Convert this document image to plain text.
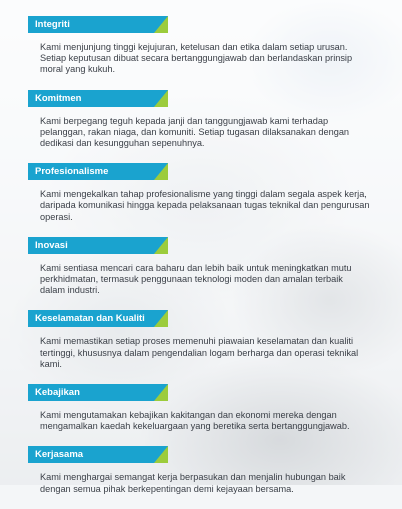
Integriti
Kami menjunjung tinggi kejujuran, ketelusan dan etika dalam setiap urusan. Setiap keputusan dibuat secara bertanggungjawab dan berlandaskan prinsip moral yang kukuh.
Komitmen
Kami berpegang teguh kepada janji dan tanggungjawab kami terhadap pelanggan, rakan niaga, dan komuniti. Setiap tugasan dilaksanakan dengan dedikasi dan kesungguhan sepenuhnya.
Profesionalisme
Kami mengekalkan tahap profesionalisme yang tinggi dalam segala aspek kerja, daripada komunikasi hingga kepada pelaksanaan tugas teknikal dan pengurusan operasi.
Inovasi
Kami sentiasa mencari cara baharu dan lebih baik untuk meningkatkan mutu perkhidmatan, termasuk penggunaan teknologi moden dan amalan terbaik dalam industri.
Keselamatan dan Kualiti
Kami memastikan setiap proses memenuhi piawaian keselamatan dan kualiti tertinggi, khususnya dalam pengendalian logam berharga dan operasi teknikal kami.
Kebajikan
Kami mengutamakan kebajikan kakitangan dan ekonomi mereka dengan mengamalkan kaedah kekeluargaan yang beretika serta bertanggungjawab.
Kerjasama
Kami menghargai semangat kerja berpasukan dan menjalin hubungan baik dengan semua pihak berkepentingan demi kejayaan bersama.
